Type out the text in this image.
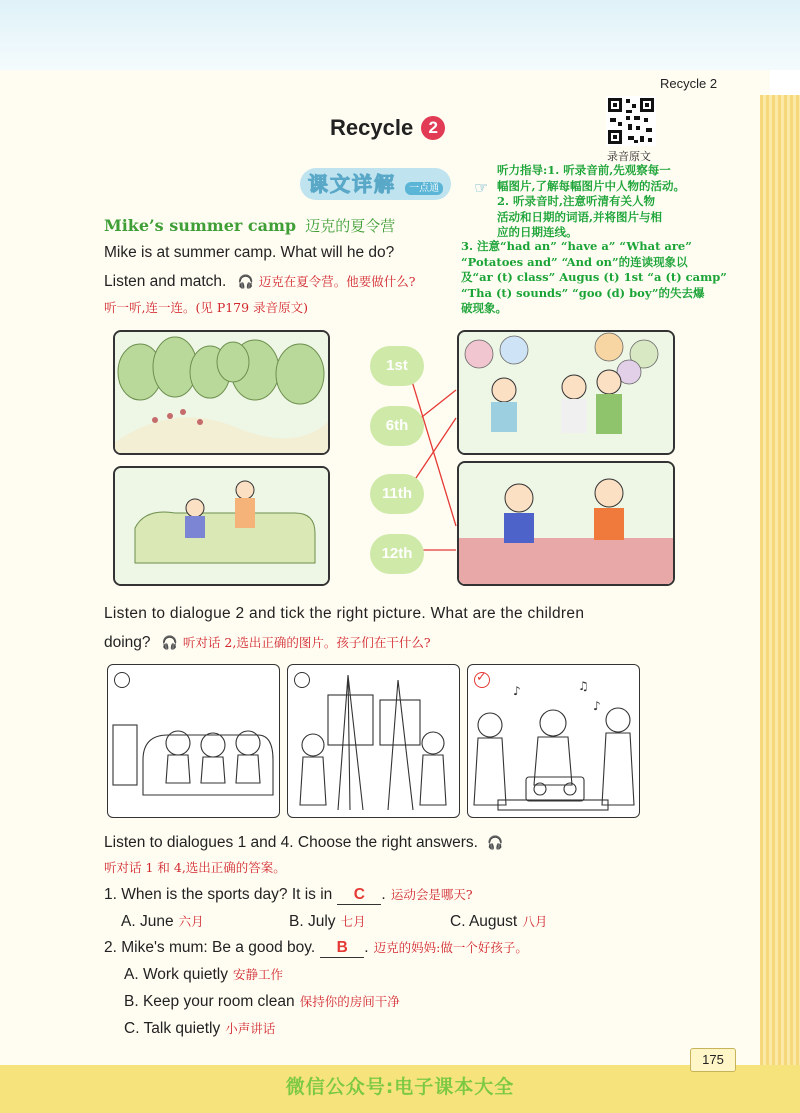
Recycle 2
Recycle 2
录音原文
课文详解 一点通	☞
听力指导:1. 听录音前,先观察每一
幅图片,了解每幅图片中人物的活动。
2. 听录音时,注意听清有关人物
活动和日期的词语,并将图片与相
应的日期连线。
3. 注意“had an” “have a” “What are”
“Potatoes and” “And on”的连读现象以
及“ar (t) class” Augus (t) 1st “a (t) camp”
“Tha (t) sounds” “goo (d) boy”的失去爆
破现象。
Mike’s summer camp 迈克的夏令营
Mike is at summer camp. What will he do?
Listen and match. 🎧 迈克在夏令营。他要做什么?
听一听,连一连。(见 P179 录音原文)
1st
6th
11th
12th
Listen to dialogue 2 and tick the right picture. What are the children
doing? 🎧 听对话 2,选出正确的图片。孩子们在干什么?
♪	♫
♪
✓
Listen to dialogues 1 and 4. Choose the right answers. 🎧
听对话 1 和 4,选出正确的答案。
1. When is the sports day? It is in C . 运动会是哪天?
A. June 六月	B. July 七月	C. August 八月
2. Mike's mum: Be a good boy. B . 迈克的妈妈:做一个好孩子。
A. Work quietly 安静工作
B. Keep your room clean 保持你的房间干净
C. Talk quietly 小声讲话
175
微信公众号:电子课本大全
